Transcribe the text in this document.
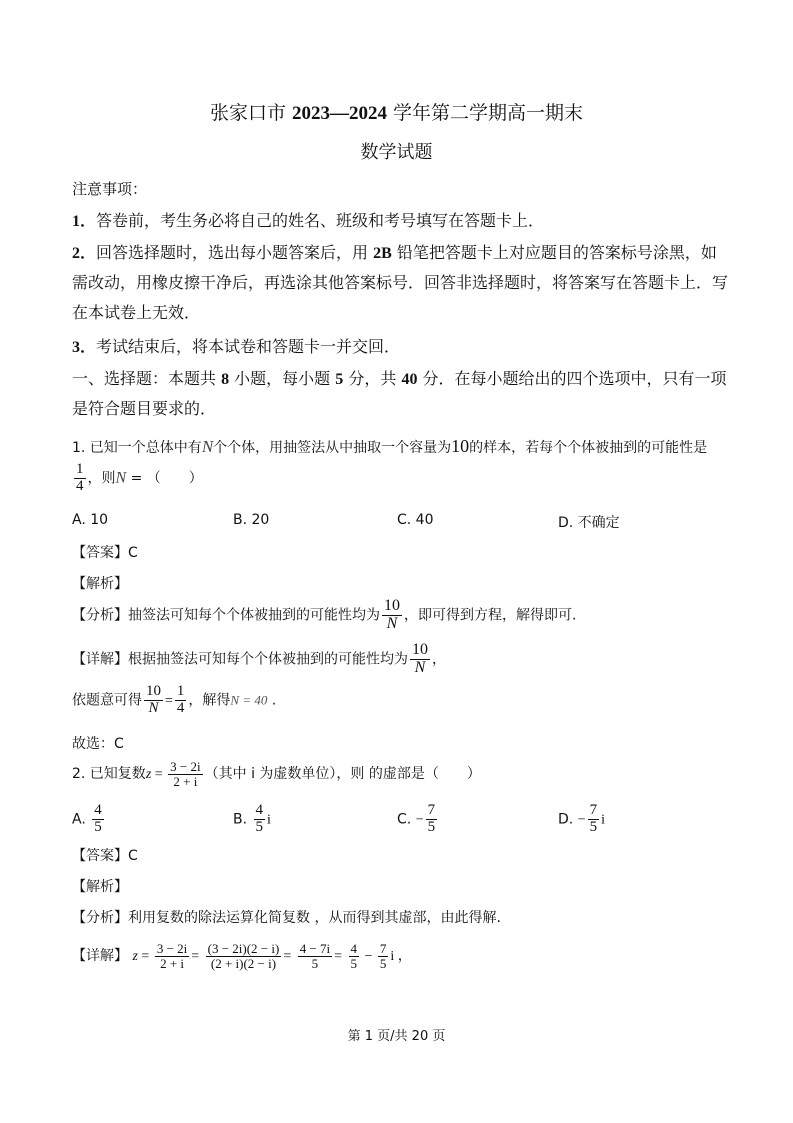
张家口市 2023—2024 学年第二学期高一期末
数学试题
注意事项：
1．答卷前，考生务必将自己的姓名、班级和考号填写在答题卡上．
2．回答选择题时，选出每小题答案后，用 2B 铅笔把答题卡上对应题目的答案标号涂黑，如
需改动，用橡皮擦干净后，再选涂其他答案标号．回答非选择题时，将答案写在答题卡上．写
在本试卷上无效．
3．考试结束后，将本试卷和答题卡一并交回．
一、选择题：本题共 8 小题，每小题 5 分，共 40 分．在每小题给出的四个选项中，只有一项
是符合题目要求的．
1. 已知一个总体中有N个个体，用抽签法从中抽取一个容量为10的样本，若每个个体被抽到的可能性是
$\frac{1}{4}$ ，则N = （　　）
A. 10	B. 20	C. 40	D. 不确定
【答案】C
【解析】
【分析】抽签法可知每个个体被抽到的可能性均为 $\frac{10}{N}$ ，即可得到方程，解得即可.
【详解】根据抽签法可知每个个体被抽到的可能性均为 $\frac{10}{N}$ ，
依题意可得 $\frac{10}{N} = \frac{1}{4}$ ，解得N = 40 .
故选：C
2. 已知复数$z = \frac{3 - 2i}{2 + i}$ （其中 i 为虚数单位），则 的虚部是（　　）
A. $\frac{4}{5}$	B. $\frac{4}{5}$ i	C. − $\frac{7}{5}$	D. − $\frac{7}{5}$ i
【答案】C
【解析】
【分析】利用复数的除法运算化简复数 ，从而得到其虚部，由此得解.
【详解】 $z = \frac{3 - 2i}{2 + i} = \frac{(3 - 2i)(2 - i)}{(2 + i)(2 - i)} = \frac{4 - 7i}{5} = \frac{4}{5} - \frac{7}{5}$ i ，
第 1 页/共 20 页
